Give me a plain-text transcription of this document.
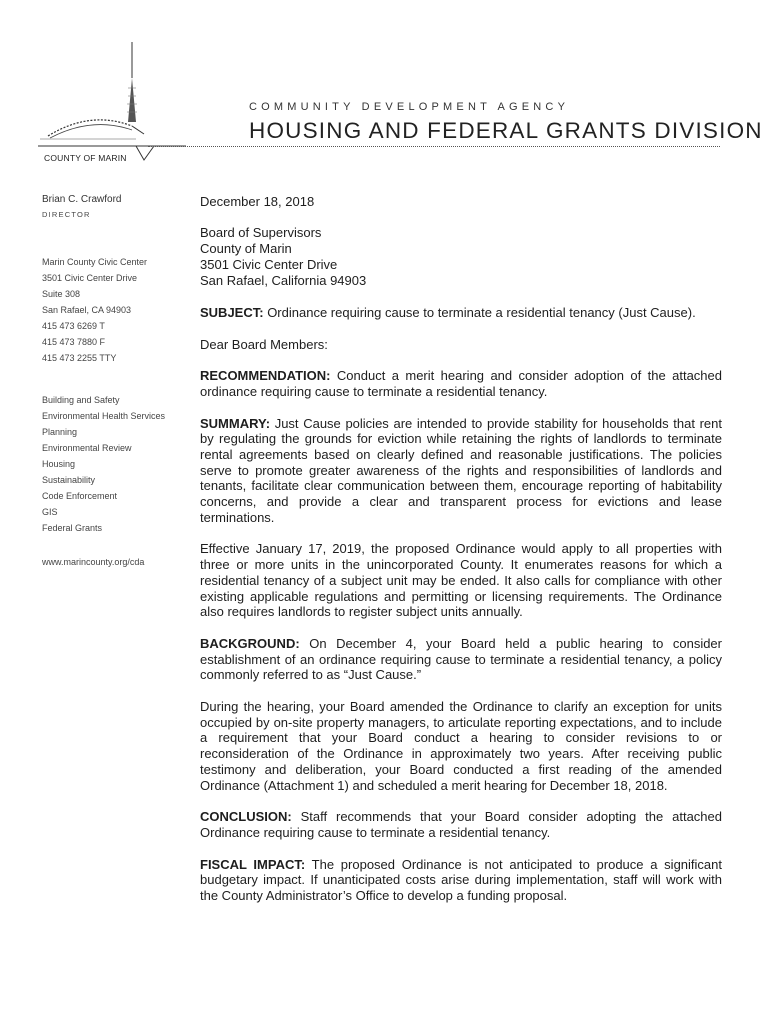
COUNTY OF MARIN
COMMUNITY DEVELOPMENT AGENCY
HOUSING AND FEDERAL GRANTS DIVISION
Brian C. Crawford
DIRECTOR
Marin County Civic Center
3501 Civic Center Drive
Suite 308
San Rafael, CA 94903
415 473 6269 T
415 473 7880 F
415 473 2255 TTY
Building and Safety
Environmental Health Services
Planning
Environmental Review
Housing
Sustainability
Code Enforcement
GIS
Federal Grants
www.marincounty.org/cda

December 18, 2018

Board of Supervisors
County of Marin
3501 Civic Center Drive
San Rafael, California 94903

SUBJECT: Ordinance requiring cause to terminate a residential tenancy (Just Cause).

Dear Board Members:

RECOMMENDATION: Conduct a merit hearing and consider adoption of the attached ordinance requiring cause to terminate a residential tenancy.

SUMMARY: Just Cause policies are intended to provide stability for households that rent by regulating the grounds for eviction while retaining the rights of landlords to terminate rental agreements based on clearly defined and reasonable justifications. The policies serve to promote greater awareness of the rights and responsibilities of landlords and tenants, facilitate clear communication between them, encourage reporting of habitability concerns, and provide a clear and transparent process for evictions and lease terminations.

Effective January 17, 2019, the proposed Ordinance would apply to all properties with three or more units in the unincorporated County. It enumerates reasons for which a residential tenancy of a subject unit may be ended. It also calls for compliance with other existing applicable regulations and permitting or licensing requirements. The Ordinance also requires landlords to register subject units annually.

BACKGROUND: On December 4, your Board held a public hearing to consider establishment of an ordinance requiring cause to terminate a residential tenancy, a policy commonly referred to as “Just Cause.”

During the hearing, your Board amended the Ordinance to clarify an exception for units occupied by on-site property managers, to articulate reporting expectations, and to include a requirement that your Board conduct a hearing to consider revisions to or reconsideration of the Ordinance in approximately two years. After receiving public testimony and deliberation, your Board conducted a first reading of the amended Ordinance (Attachment 1) and scheduled a merit hearing for December 18, 2018.

CONCLUSION: Staff recommends that your Board consider adopting the attached Ordinance requiring cause to terminate a residential tenancy.

FISCAL IMPACT: The proposed Ordinance is not anticipated to produce a significant budgetary impact. If unanticipated costs arise during implementation, staff will work with the County Administrator’s Office to develop a funding proposal.
